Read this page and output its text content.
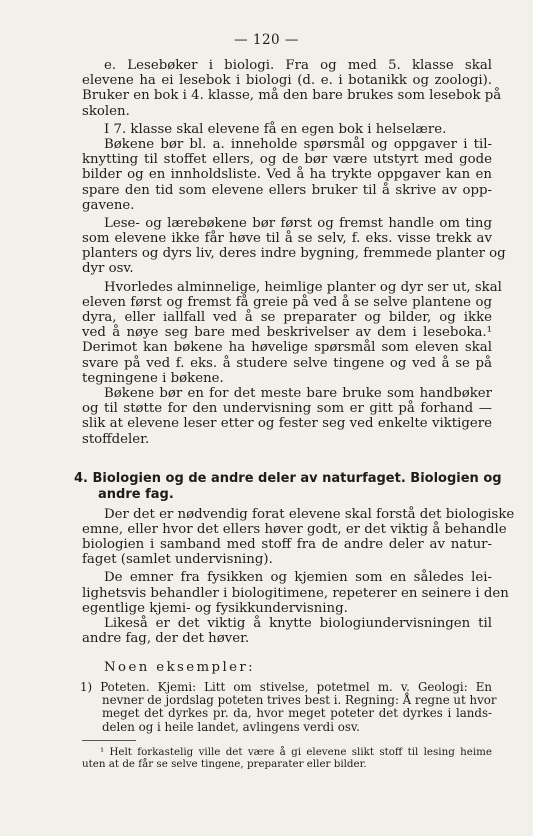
— 120 —
e. Lesebøker i biologi. Fra og med 5. klasse skal
elevene ha ei lesebok i biologi (d. e. i botanikk og zoologi).
Bruker en bok i 4. klasse, må den bare brukes som lesebok på
skolen.
I 7. klasse skal elevene få en egen bok i helselære.
Bøkene bør bl. a. inneholde spørsmål og oppgaver i til-
knytting til stoffet ellers, og de bør være utstyrt med gode
bilder og en innholdsliste. Ved å ha trykte oppgaver kan en
spare den tid som elevene ellers bruker til å skrive av opp-
gavene.
Lese- og lærebøkene bør først og fremst handle om ting
som elevene ikke får høve til å se selv, f. eks. visse trekk av
planters og dyrs liv, deres indre bygning, fremmede planter og
dyr osv.
Hvorledes alminnelige, heimlige planter og dyr ser ut, skal
eleven først og fremst få greie på ved å se selve plantene og
dyra, eller iallfall ved å se preparater og bilder, og ikke
ved å nøye seg bare med beskrivelser av dem i leseboka.¹
Derimot kan bøkene ha høvelige spørsmål som eleven skal
svare på ved f. eks. å studere selve tingene og ved å se på
tegningene i bøkene.
Bøkene bør en for det meste bare bruke som handbøker
og til støtte for den undervisning som er gitt på forhand —
slik at elevene leser etter og fester seg ved enkelte viktigere
stoffdeler.
4. Biologien og de andre deler av naturfaget. Biologien og
andre fag.
Der det er nødvendig forat elevene skal forstå det biologiske
emne, eller hvor det ellers høver godt, er det viktig å behandle
biologien i samband med stoff fra de andre deler av natur-
faget (samlet undervisning).
De emner fra fysikken og kjemien som en således lei-
lighetsvis behandler i biologitimene, repeterer en seinere i den
egentlige kjemi- og fysikkundervisning.
Likeså er det viktig å knytte biologiundervisningen til
andre fag, der det høver.
Noen eksempler:
1) Poteten. Kjemi: Litt om stivelse, potetmel m. v. Geologi: En
nevner de jordslag poteten trives best i. Regning: Å regne ut hvor
meget det dyrkes pr. da, hvor meget poteter det dyrkes i lands-
delen og i heile landet, avlingens verdi osv.
¹ Helt forkastelig ville det være å gi elevene slikt stoff til lesing heime
uten at de får se selve tingene, preparater eller bilder.
